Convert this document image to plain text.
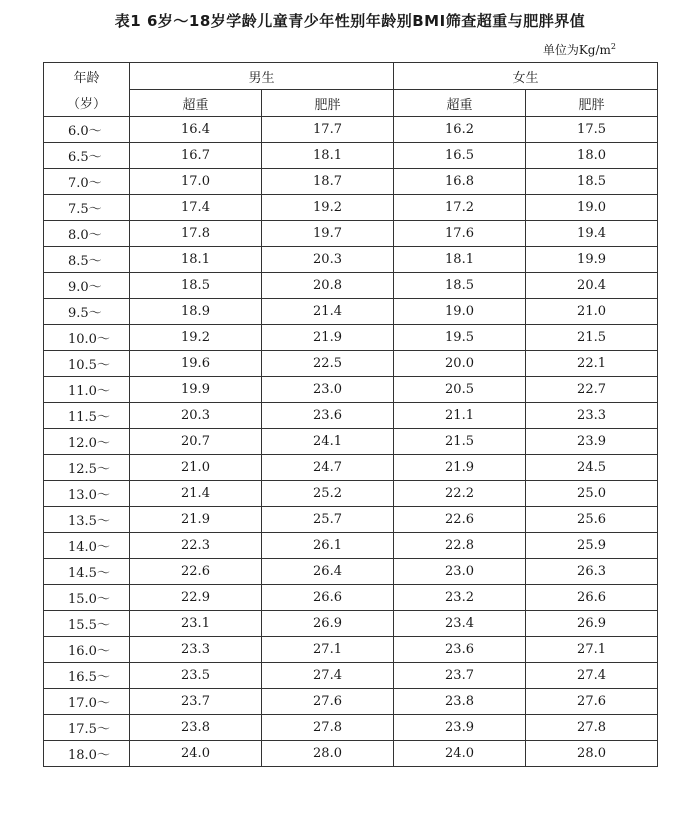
表1 6岁～18岁学龄儿童青少年性别年龄别BMI筛查超重与肥胖界值
单位为$Kg/m^2$
年龄	男生		女生	
（岁）	超重	肥胖	超重	肥胖
6.0～	16.4	17.7	16.2	17.5
6.5～	16.7	18.1	16.5	18.0
7.0～	17.0	18.7	16.8	18.5
7.5～	17.4	19.2	17.2	19.0
8.0～	17.8	19.7	17.6	19.4
8.5～	18.1	20.3	18.1	19.9
9.0～	18.5	20.8	18.5	20.4
9.5～	18.9	21.4	19.0	21.0
10.0～	19.2	21.9	19.5	21.5
10.5～	19.6	22.5	20.0	22.1
11.0～	19.9	23.0	20.5	22.7
11.5～	20.3	23.6	21.1	23.3
12.0～	20.7	24.1	21.5	23.9
12.5～	21.0	24.7	21.9	24.5
13.0～	21.4	25.2	22.2	25.0
13.5～	21.9	25.7	22.6	25.6
14.0～	22.3	26.1	22.8	25.9
14.5～	22.6	26.4	23.0	26.3
15.0～	22.9	26.6	23.2	26.6
15.5～	23.1	26.9	23.4	26.9
16.0～	23.3	27.1	23.6	27.1
16.5～	23.5	27.4	23.7	27.4
17.0～	23.7	27.6	23.8	27.6
17.5～	23.8	27.8	23.9	27.8
18.0～	24.0	28.0	24.0	28.0
